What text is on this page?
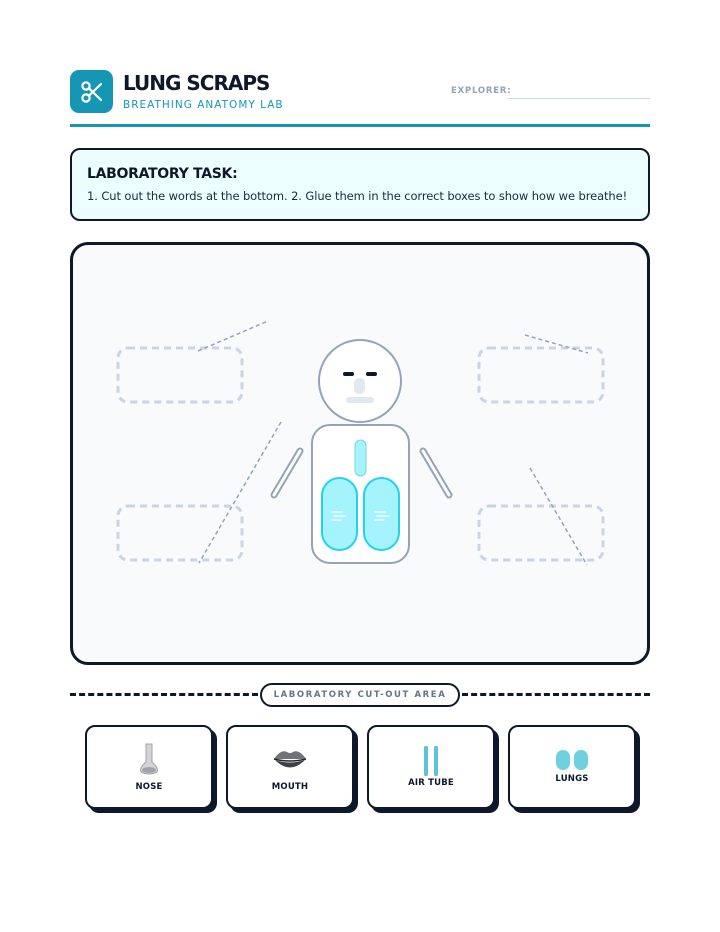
LUNG SCRAPS
BREATHING ANATOMY LAB
EXPLORER:
LABORATORY TASK:
1. Cut out the words at the bottom. 2. Glue them in the correct boxes to show how we breathe!
LABORATORY CUT-OUT AREA
NOSE	MOUTH	AIR TUBE	LUNGS
